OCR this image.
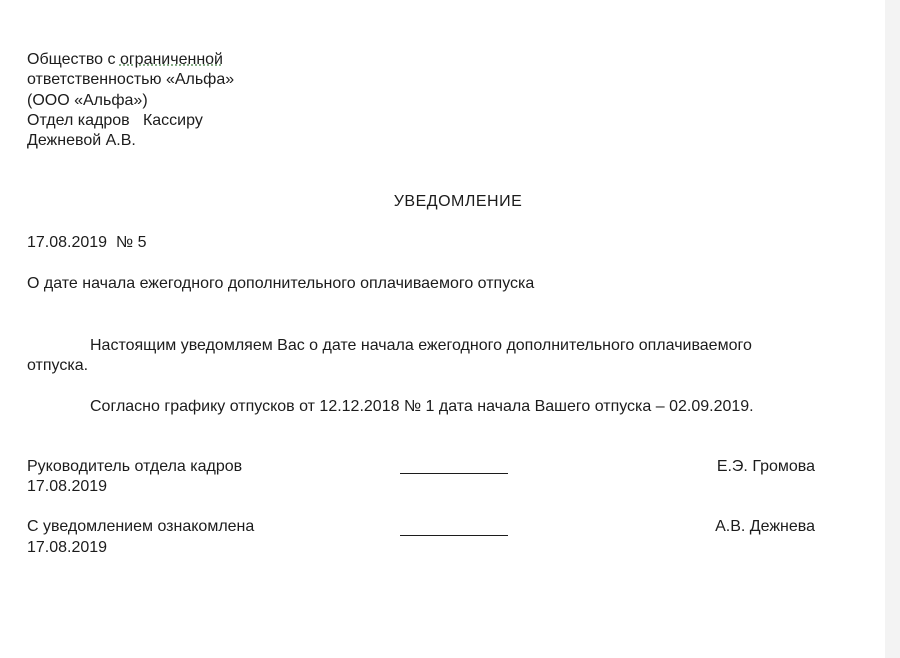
Общество с ограниченной
ответственностью «Альфа»
(ООО «Альфа»)
Отдел кадров   Кассиру
Дежневой А.В.
УВЕДОМЛЕНИЕ
17.08.2019  № 5
О дате начала ежегодного дополнительного оплачиваемого отпуска
Настоящим уведомляем Вас о дате начала ежегодного дополнительного оплачиваемого
отпуска.
Согласно графику отпусков от 12.12.2018 № 1 дата начала Вашего отпуска – 02.09.2019.
Руководитель отдела кадров	Е.Э. Громова
17.08.2019
С уведомлением ознакомлена	А.В. Дежнева
17.08.2019
